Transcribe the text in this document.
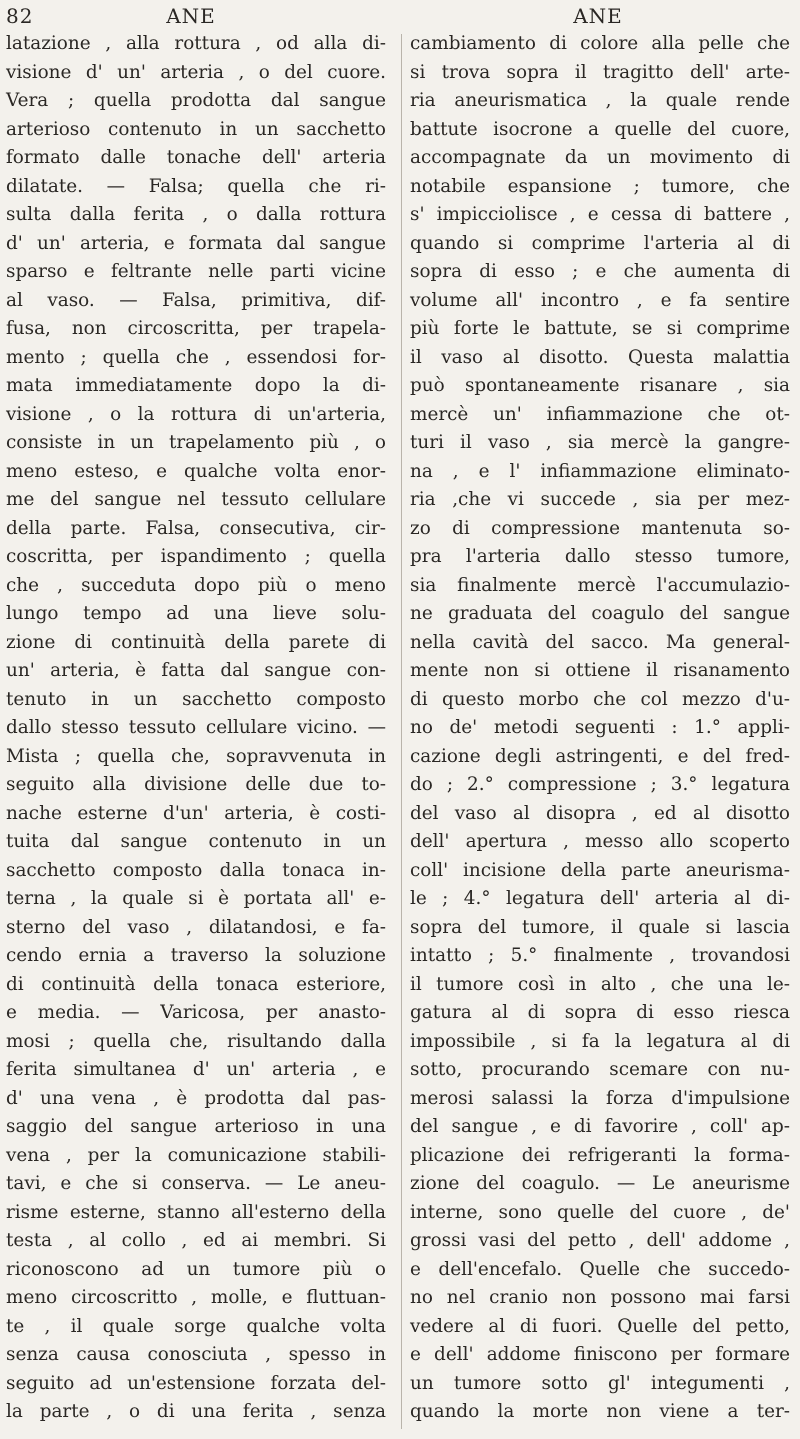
82	ANE	ANE
latazione , alla rottura , od alla di-
visione d' un' arteria , o del cuore.
Vera ; quella prodotta dal sangue
arterioso contenuto in un sacchetto
formato dalle tonache dell' arteria
dilatate. — Falsa; quella che ri-
sulta dalla ferita , o dalla rottura
d' un' arteria, e formata dal sangue
sparso e feltrante nelle parti vicine
al vaso. — Falsa, primitiva, dif-
fusa, non circoscritta, per trapela-
mento ; quella che , essendosi for-
mata immediatamente dopo la di-
visione , o la rottura di un'arteria,
consiste in un trapelamento più , o
meno esteso, e qualche volta enor-
me del sangue nel tessuto cellulare
della parte. Falsa, consecutiva, cir-
coscritta, per ispandimento ; quella
che , succeduta dopo più o meno
lungo tempo ad una lieve solu-
zione di continuità della parete di
un' arteria, è fatta dal sangue con-
tenuto in un sacchetto composto
dallo stesso tessuto cellulare vicino. —
Mista ; quella che, sopravvenuta in
seguito alla divisione delle due to-
nache esterne d'un' arteria, è costi-
tuita dal sangue contenuto in un
sacchetto composto dalla tonaca in-
terna , la quale si è portata all' e-
sterno del vaso , dilatandosi, e fa-
cendo ernia a traverso la soluzione
di continuità della tonaca esteriore,
e media. — Varicosa, per anasto-
mosi ; quella che, risultando dalla
ferita simultanea d' un' arteria , e
d' una vena , è prodotta dal pas-
saggio del sangue arterioso in una
vena , per la comunicazione stabili-
tavi, e che si conserva. — Le aneu-
risme esterne, stanno all'esterno della
testa , al collo , ed ai membri. Si
riconoscono ad un tumore più o
meno circoscritto , molle, e fluttuan-
te , il quale sorge qualche volta
senza causa conosciuta , spesso in
seguito ad un'estensione forzata del-
la parte , o di una ferita , senza
cambiamento di colore alla pelle che
si trova sopra il tragitto dell' arte-
ria aneurismatica , la quale rende
battute isocrone a quelle del cuore,
accompagnate da un movimento di
notabile espansione ; tumore, che
s' impicciolisce , e cessa di battere ,
quando si comprime l'arteria al di
sopra di esso ; e che aumenta di
volume all' incontro , e fa sentire
più forte le battute, se si comprime
il vaso al disotto. Questa malattia
può spontaneamente risanare , sia
mercè un' infiammazione che ot-
turi il vaso , sia mercè la gangre-
na , e l' infiammazione eliminato-
ria ,che vi succede , sia per mez-
zo di compressione mantenuta so-
pra l'arteria dallo stesso tumore,
sia finalmente mercè l'accumulazio-
ne graduata del coagulo del sangue
nella cavità del sacco. Ma general-
mente non si ottiene il risanamento
di questo morbo che col mezzo d'u-
no de' metodi seguenti : 1.° appli-
cazione degli astringenti, e del fred-
do ; 2.° compressione ; 3.° legatura
del vaso al disopra , ed al disotto
dell' apertura , messo allo scoperto
coll' incisione della parte aneurisma-
le ; 4.° legatura dell' arteria al di-
sopra del tumore, il quale si lascia
intatto ; 5.° finalmente , trovandosi
il tumore così in alto , che una le-
gatura al di sopra di esso riesca
impossibile , si fa la legatura al di
sotto, procurando scemare con nu-
merosi salassi la forza d'impulsione
del sangue , e di favorire , coll' ap-
plicazione dei refrigeranti la forma-
zione del coagulo. — Le aneurisme
interne, sono quelle del cuore , de'
grossi vasi del petto , dell' addome ,
e dell'encefalo. Quelle che succedo-
no nel cranio non possono mai farsi
vedere al di fuori. Quelle del petto,
e dell' addome finiscono per formare
un tumore sotto gl' integumenti ,
quando la morte non viene a ter-
